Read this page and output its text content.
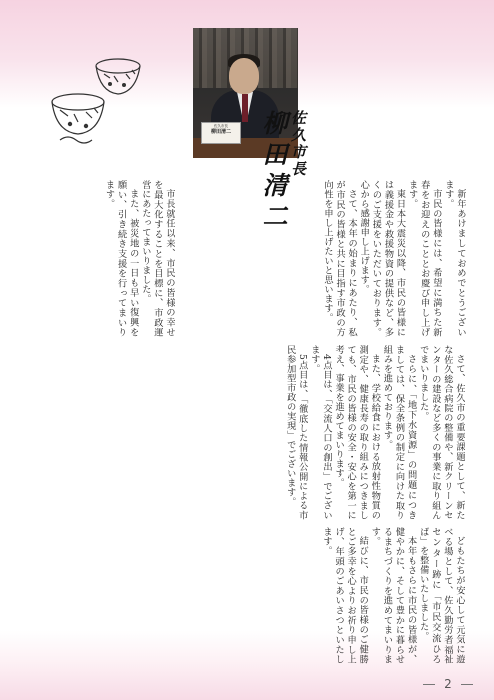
佐久市長
柳田清二	佐久市長
柳田清二

新年あけましておめでとうございます。

市民の皆様には、希望に満ちた新春をお迎えのこととお慶び申し上げます。

東日本大震災以降、市民の皆様には義援金や救援物資の提供など、多くのご支援をいただいております。心から感謝申し上げます。

さて、本年の始まりにあたり、私が市民の皆様と共に目指す市政の方向性を申し上げたいと思います。

市長就任以来、市民の皆様の幸せを最大化することを目標に、市政運営にあたってまいりました。

また、被災地の一日も早い復興を願い、引き続き支援を行ってまいります。

さて、佐久市の重要課題として、新たな佐久総合病院の整備や、新クリーンセンターの建設など多くの事業に取り組んでまいりました。

さらに、「地下水資源」の問題につきましては、保全条例の制定に向けた取り組みを進めております。

また、学校給食における放射性物質の測定や、健康長寿の取り組みにつきましても、市民の皆様の安全・安心を第一に考え、事業を進めてまいります。

4点目は、「交流人口の創出」でございます。

5点目は、「徹底した情報公開による市民参加型市政の実現」でございます。

どもたちが安心して元気に遊べる場として、佐久勤労者福祉センター跡に「市民交流ひろば」を整備いたしました。

本年もさらに市民の皆様が、健やかに、そして豊かに暮らせるまちづくりを進めてまいります。

結びに、市民の皆様のご健勝とご多幸を心よりお祈り申し上げ、年頭のごあいさつといたします。

2
